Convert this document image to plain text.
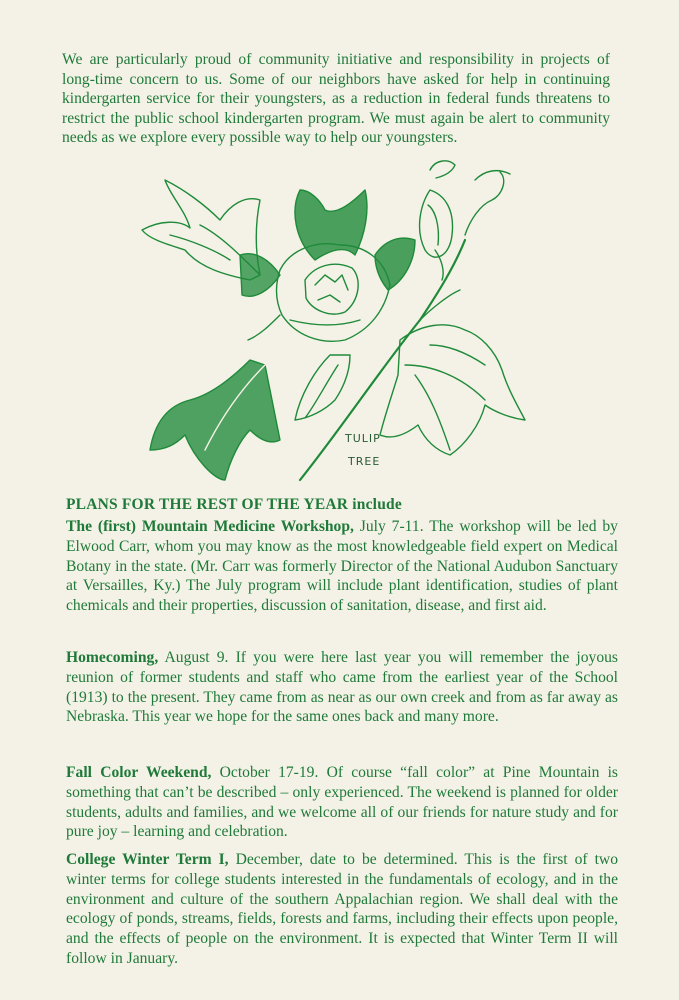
We are particularly proud of community initiative and responsibility in projects of long-time concern to us. Some of our neighbors have asked for help in continuing kindergarten service for their youngsters, as a reduction in federal funds threatens to restrict the public school kindergarten program. We must again be alert to community needs as we explore every possible way to help our youngsters.

TULIP
TREE
PLANS FOR THE REST OF THE YEAR include

The (first) Mountain Medicine Workshop, July 7-11. The workshop will be led by Elwood Carr, whom you may know as the most knowledgeable field expert on Medical Botany in the state. (Mr. Carr was formerly Director of the National Audubon Sanctuary at Versailles, Ky.) The July program will include plant identification, studies of plant chemicals and their properties, discussion of sanitation, disease, and first aid.

Homecoming, August 9. If you were here last year you will remember the joyous reunion of former students and staff who came from the earliest year of the School (1913) to the present. They came from as near as our own creek and from as far away as Nebraska. This year we hope for the same ones back and many more.

Fall Color Weekend, October 17-19. Of course “fall color” at Pine Mountain is something that can’t be described – only experienced. The weekend is planned for older students, adults and families, and we welcome all of our friends for nature study and for pure joy – learning and celebration.

College Winter Term I, December, date to be determined. This is the first of two winter terms for college students interested in the fundamentals of ecology, and in the environment and culture of the southern Appalachian region. We shall deal with the ecology of ponds, streams, fields, forests and farms, including their effects upon people, and the effects of people on the environment. It is expected that Winter Term II will follow in January.
